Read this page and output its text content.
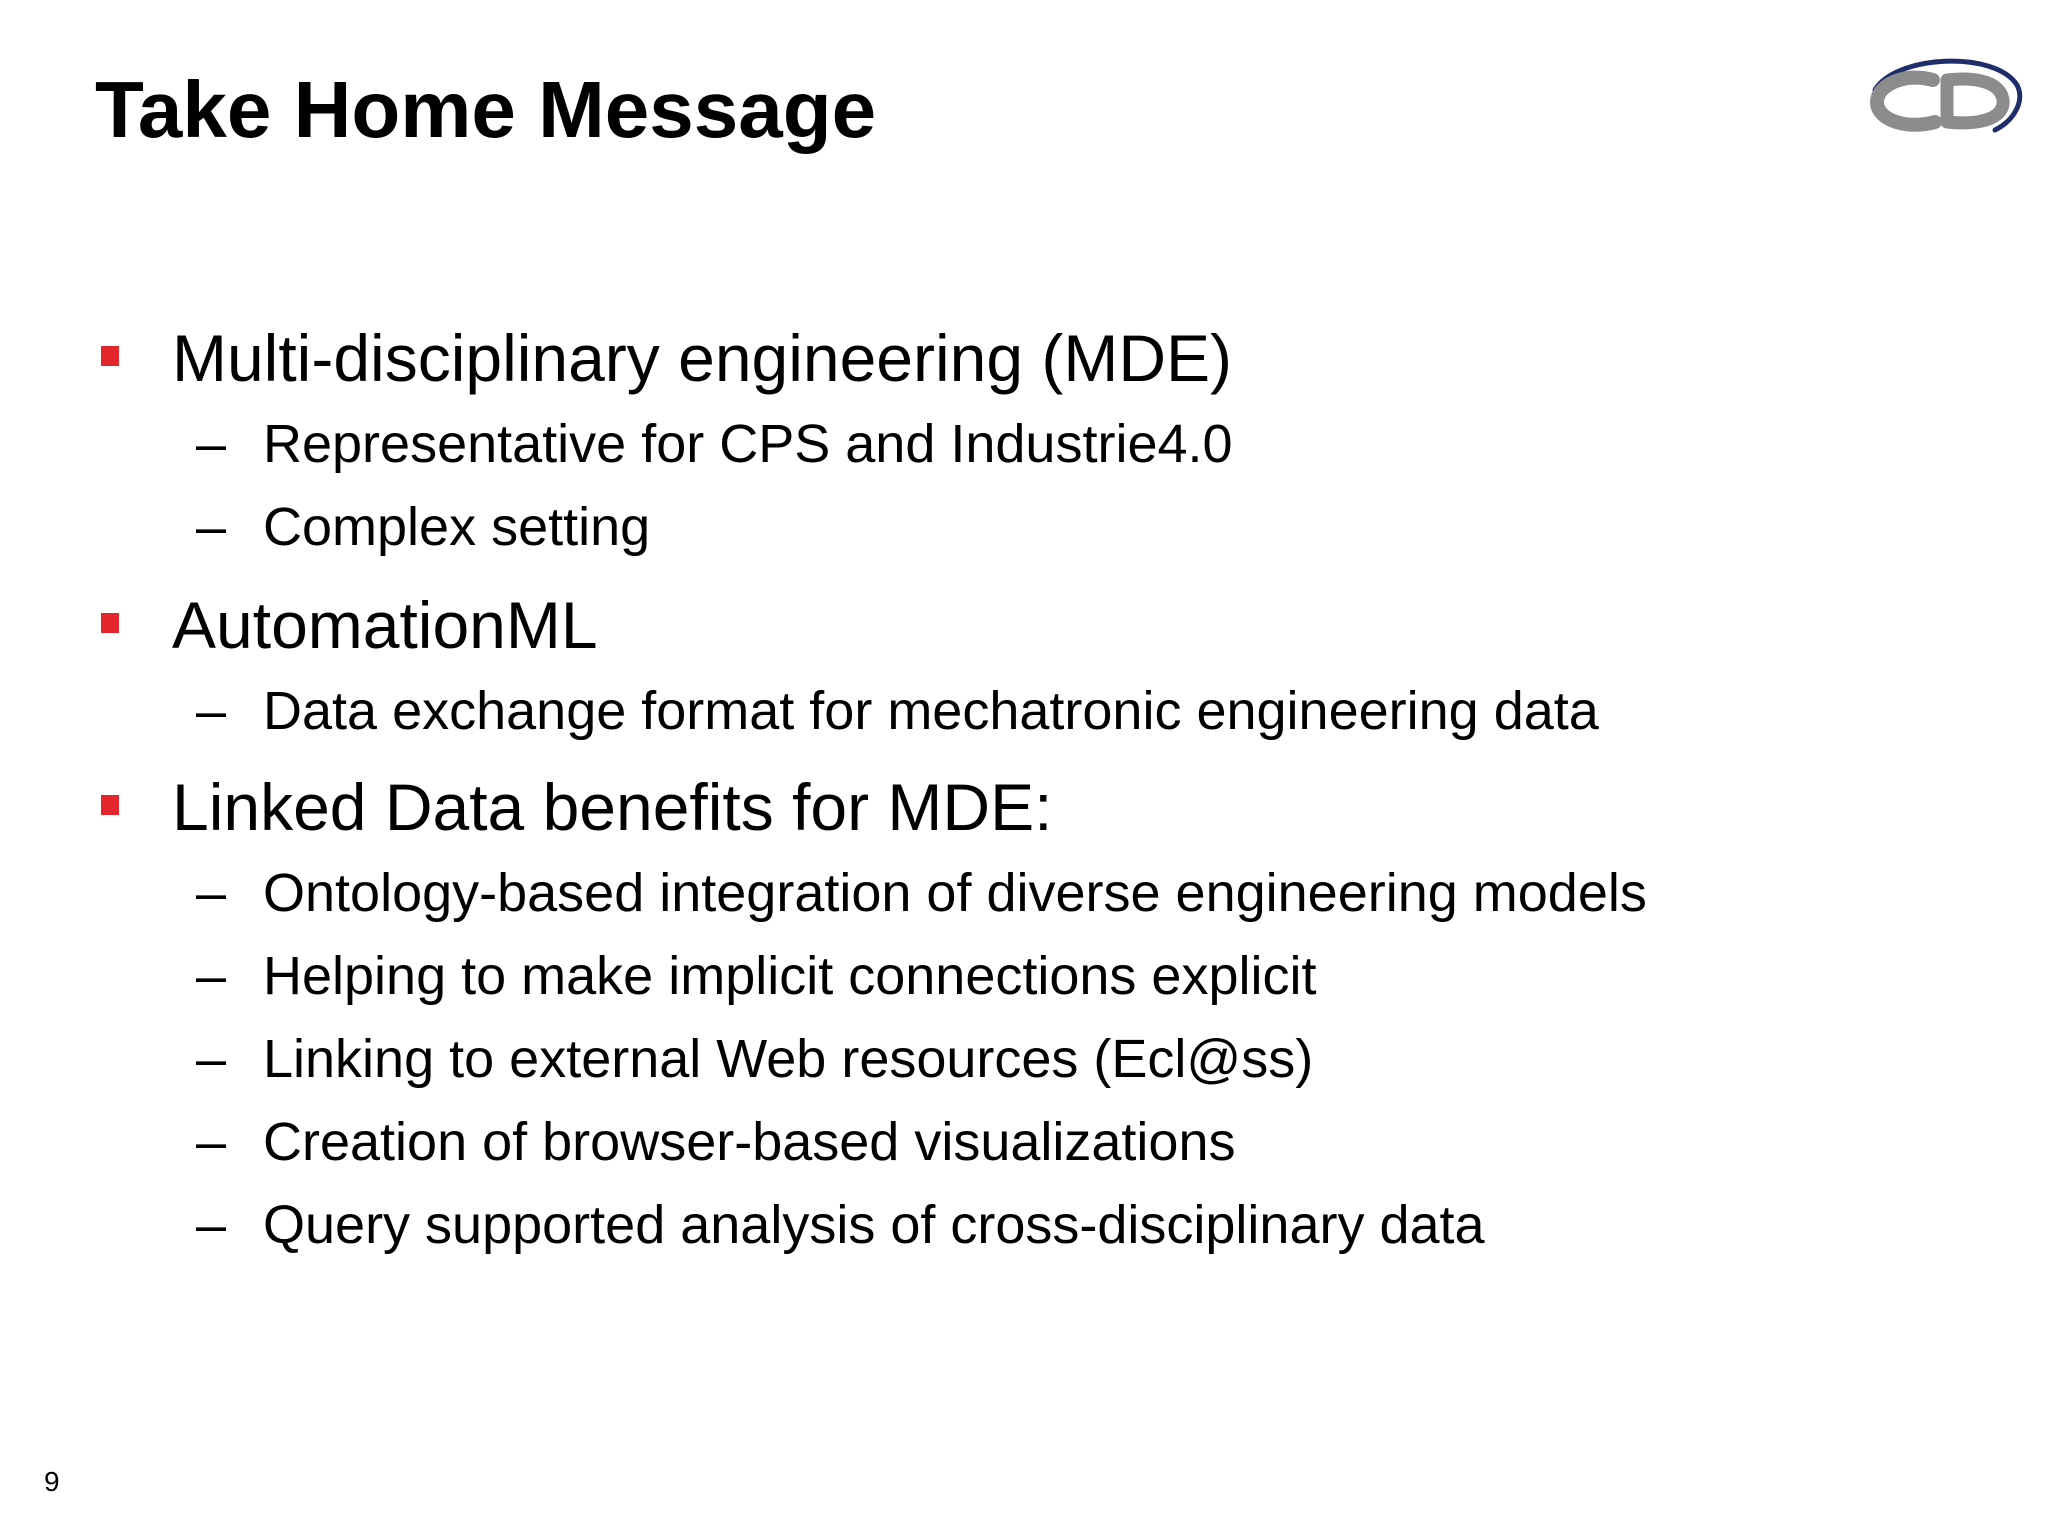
Take Home Message
Multi-disciplinary engineering (MDE)
– Representative for CPS and Industrie4.0
– Complex setting
AutomationML
– Data exchange format for mechatronic engineering data
Linked Data benefits for MDE:
– Ontology-based integration of diverse engineering models
– Helping to make implicit connections explicit
– Linking to external Web resources (Ecl@ss)
– Creation of browser-based visualizations
– Query supported analysis of cross-disciplinary data
9
